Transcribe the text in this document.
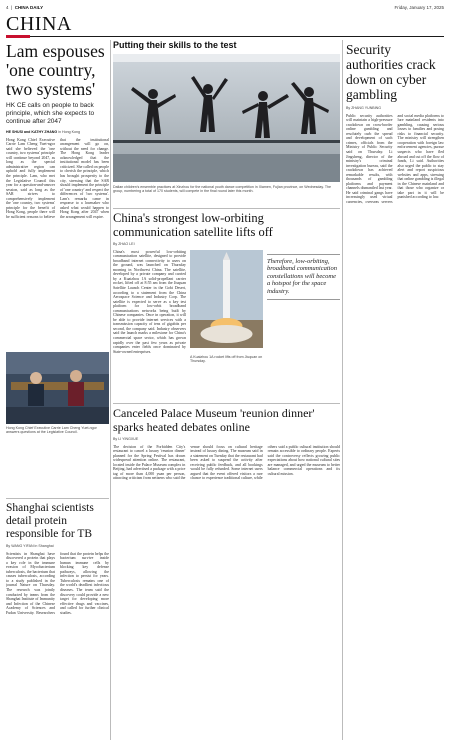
4  |  CHINA DAILY	Friday, January 17, 2025
CHINA
Lam espouses 'one country, two systems'
HK CE calls on people to back principle, which she expects to continue after 2047
HE SHUSI and KATHY ZHANG in Hong Kong
Hong Kong Chief Executive Carrie Lam Cheng Yuet-ngor said she believed the 'one country, two systems' principle will continue beyond 2047, as long as the special administrative region can uphold and fully implement the principle. Lam, who met the Legislative Council this year for a question-and-answer session, said as long as the SAR strives to comprehensively implement the 'one country, two systems' principle for the benefit of Hong Kong, people there will be sufficient reasons to believe that the institutional arrangement will go on, without the need for change. The Hong Kong leader acknowledged that the institutional model has been criticized. She called on people to cherish the principle, which has brought prosperity to the city, stressing that the SAR should implement the principle of 'one country' and respect the differences of 'two systems'. Lam's remarks came in response to a lawmaker who asked what would happen to Hong Kong after 2047 when the arrangement will expire.
Hong Kong Chief Executive Carrie Lam Cheng Yuet-ngor answers questions at the Legislative Council.
Putting their skills to the test
Dalian children's ensemble practices at Xinzhou for the national youth dance competition in Xiamen, Fujian province, on Wednesday. The group, numbering a total of 170 students, will compete in the final round later this month.
China's strongest low-orbiting communication satellite lifts off
By ZHAO LEI
China's most powerful low-orbiting communication satellite, designed to provide broadband internet connectivity to users on the ground, was launched on Thursday morning in Northwest China. The satellite, developed by a private company and carried by a Kuaizhou 1A solid-propellant carrier rocket, lifted off at 8:55 am from the Jiuquan Satellite Launch Center in the Gobi Desert, according to a statement from the China Aerospace Science and Industry Corp. The satellite is expected to serve as a key test platform for low-orbit broadband communications networks being built by Chinese companies. Once in operation, it will be able to provide internet services with a transmission capacity of tens of gigabits per second, the company said. Industry observers said the launch marks a milestone for China's commercial space sector, which has grown rapidly over the past few years as private companies enter fields once dominated by State-owned enterprises.
A Kuaizhou 1A rocket lifts off from Jiuquan on Thursday.
Therefore, low-orbiting, broadband communication constellations will become a hotspot for the space industry.
Canceled Palace Museum 'reunion dinner' sparks heated debates online
By LI YINGXUE
The decision of the Forbidden City's restaurant to cancel a luxury 'reunion dinner' planned for the Spring Festival has drawn widespread attention online. The restaurant, located inside the Palace Museum complex in Beijing, had advertised a package with a price tag of more than 4,000 yuan per person, attracting criticism from netizens who said the venue should focus on cultural heritage instead of luxury dining. The museum said in a statement on Tuesday that the restaurant had been asked to suspend the activity after receiving public feedback, and all bookings would be fully refunded. Some internet users argued that the event offered visitors a rare chance to experience traditional culture, while others said a public cultural institution should remain accessible to ordinary people. Experts said the controversy reflects growing public expectations about how national cultural sites are managed, and urged the museum to better balance commercial operations and its cultural mission.
Shanghai scientists detail protein responsible for TB
By WANG YIFAN in Shanghai
Scientists in Shanghai have discovered a protein that plays a key role in the immune evasion of Mycobacterium tuberculosis, the bacterium that causes tuberculosis, according to a study published in the journal Nature on Thursday. The research was jointly conducted by teams from the Shanghai Institute of Immunity and Infection of the Chinese Academy of Sciences and Fudan University. Researchers found that the protein helps the bacterium survive inside human immune cells by blocking key defense pathways, allowing the infection to persist for years. Tuberculosis remains one of the world's deadliest infectious diseases. The team said the discovery could provide a new target for developing more effective drugs and vaccines, and called for further clinical studies.
Security authorities crack down on cyber gambling
By ZHANG YUNBING
Public security authorities will maintain a high-pressure crackdown on cross-border online gambling and resolutely curb the spread and development of such crimes, officials from the Ministry of Public Security said on Thursday. Li Jingsheng, director of the ministry's criminal investigation bureau, said the crackdown has achieved remarkable results, with thousands of gambling platforms and payment channels dismantled last year. He said criminal gangs have increasingly used virtual currencies, overseas servers and social media platforms to lure mainland residents into gambling, causing serious losses to families and posing risks to financial security. The ministry will strengthen cooperation with foreign law enforcement agencies, pursue suspects who have fled abroad and cut off the flow of funds, Li said. Authorities also urged the public to stay alert and report suspicious websites and apps, stressing that online gambling is illegal in the Chinese mainland and that those who organize or take part in it will be punished according to law.
